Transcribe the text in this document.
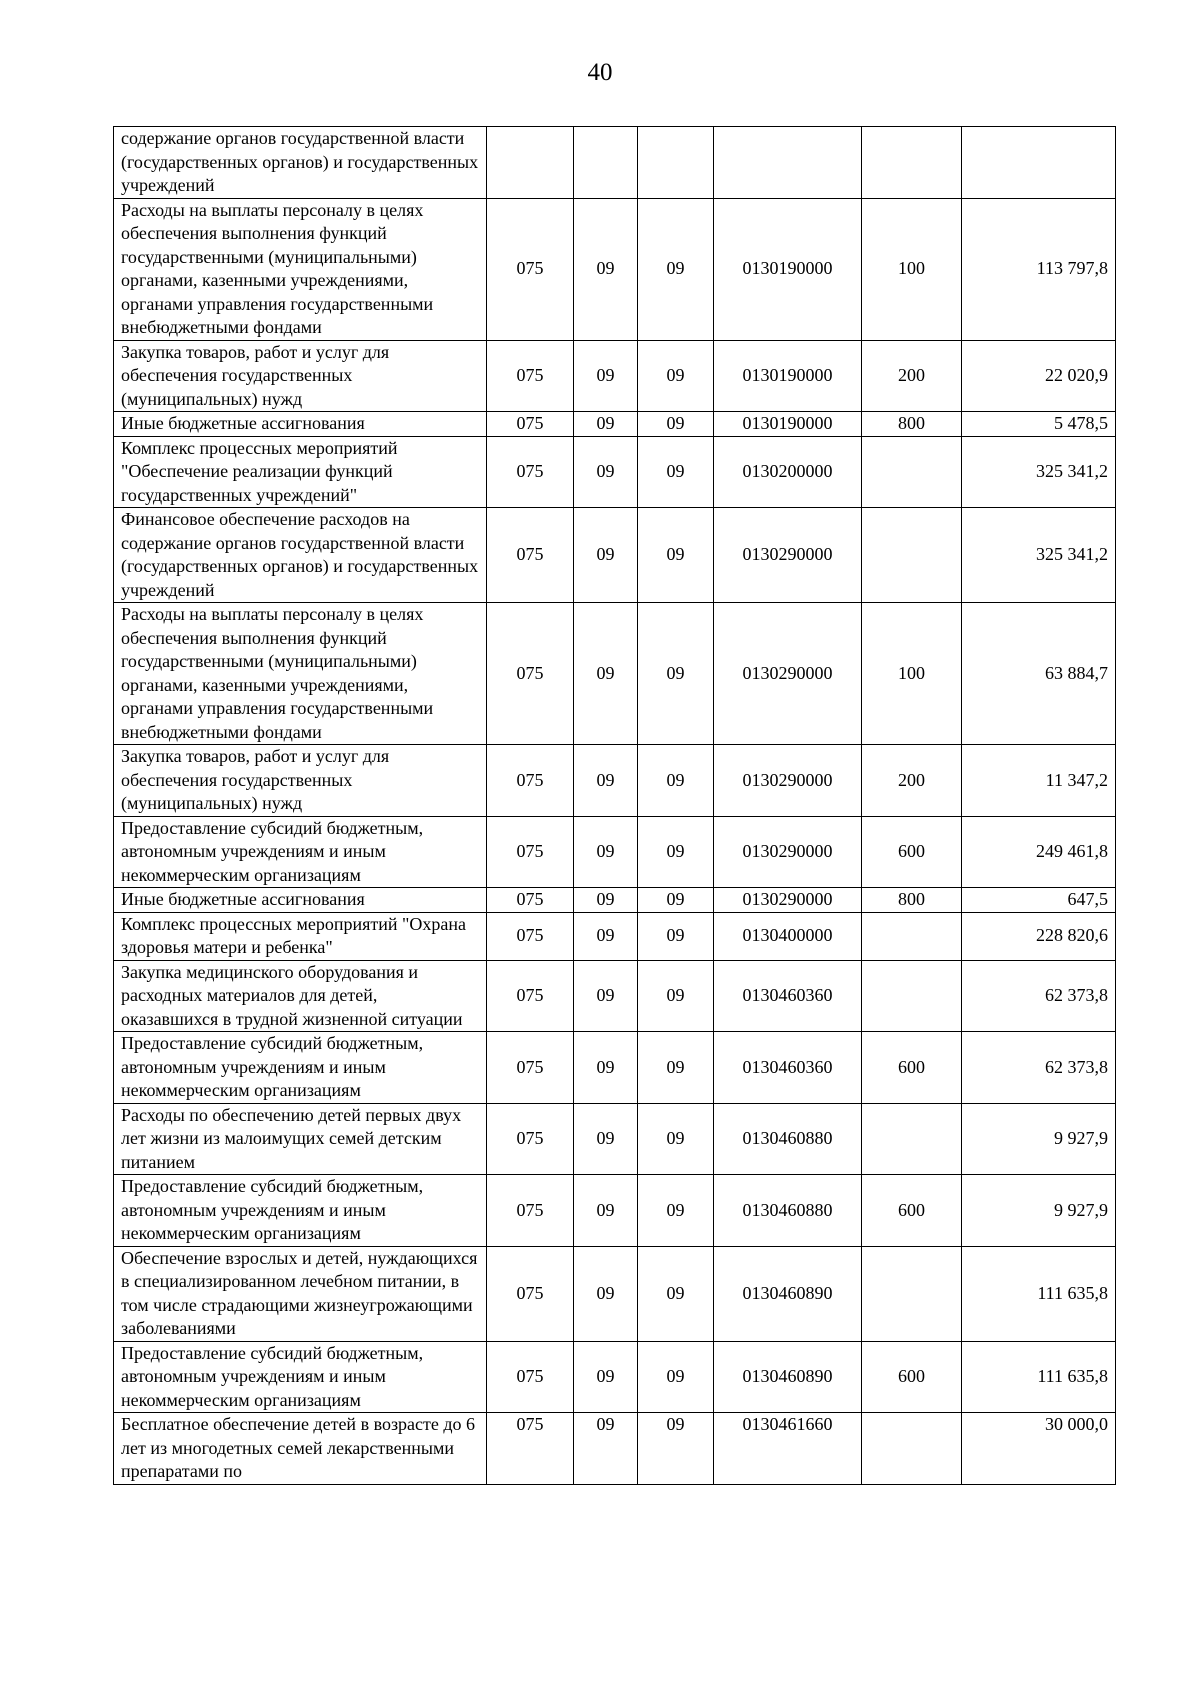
40
содержание органов государственной власти (государственных органов) и государственных учреждений						
Расходы на выплаты персоналу в целях обеспечения выполнения функций государственными (муниципальными) органами, казенными учреждениями, органами управления государственными внебюджетными фондами	075	09	09	0130190000	100	113 797,8
Закупка товаров, работ и услуг для обеспечения государственных (муниципальных) нужд	075	09	09	0130190000	200	22 020,9
Иные бюджетные ассигнования	075	09	09	0130190000	800	5 478,5
Комплекс процессных мероприятий "Обеспечение реализации функций государственных учреждений"	075	09	09	0130200000		325 341,2
Финансовое обеспечение расходов на содержание органов государственной власти (государственных органов) и государственных учреждений	075	09	09	0130290000		325 341,2
Расходы на выплаты персоналу в целях обеспечения выполнения функций государственными (муниципальными) органами, казенными учреждениями, органами управления государственными внебюджетными фондами	075	09	09	0130290000	100	63 884,7
Закупка товаров, работ и услуг для обеспечения государственных (муниципальных) нужд	075	09	09	0130290000	200	11 347,2
Предоставление субсидий бюджетным, автономным учреждениям и иным некоммерческим организациям	075	09	09	0130290000	600	249 461,8
Иные бюджетные ассигнования	075	09	09	0130290000	800	647,5
Комплекс процессных мероприятий "Охрана здоровья матери и ребенка"	075	09	09	0130400000		228 820,6
Закупка медицинского оборудования и расходных материалов для детей, оказавшихся в трудной жизненной ситуации	075	09	09	0130460360		62 373,8
Предоставление субсидий бюджетным, автономным учреждениям и иным некоммерческим организациям	075	09	09	0130460360	600	62 373,8
Расходы по обеспечению детей первых двух лет жизни из малоимущих семей детским питанием	075	09	09	0130460880		9 927,9
Предоставление субсидий бюджетным, автономным учреждениям и иным некоммерческим организациям	075	09	09	0130460880	600	9 927,9
Обеспечение взрослых и детей, нуждающихся в специализированном лечебном питании, в том числе страдающими жизнеугрожающими заболеваниями	075	09	09	0130460890		111 635,8
Предоставление субсидий бюджетным, автономным учреждениям и иным некоммерческим организациям	075	09	09	0130460890	600	111 635,8
Бесплатное обеспечение детей в возрасте до 6 лет из многодетных семей лекарственными препаратами по	075	09	09	0130461660		30 000,0
